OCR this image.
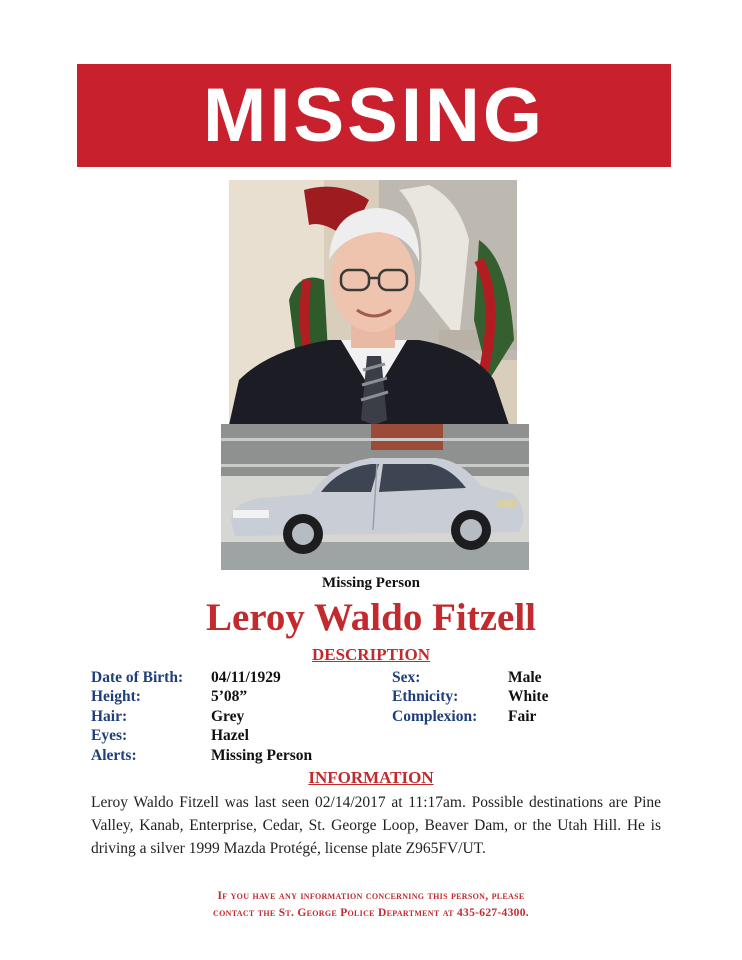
MISSING
Missing Person
Leroy Waldo Fitzell
DESCRIPTION
Date of Birth: 04/11/1929
Height:	5’08”
Hair:	Grey
Eyes:	Hazel
Alerts:	Missing Person
Sex:	Male
Ethnicity:	White
Complexion: Fair
INFORMATION
Leroy Waldo Fitzell was last seen 02/14/2017 at 11:17am. Possible destinations are Pine Valley, Kanab, Enterprise, Cedar, St. George Loop, Beaver Dam, or the Utah Hill. He is driving a silver 1999 Mazda Protégé, license plate Z965FV/UT.
If you have any information concerning this person, please
contact the St. George Police Department at 435-627-4300.
